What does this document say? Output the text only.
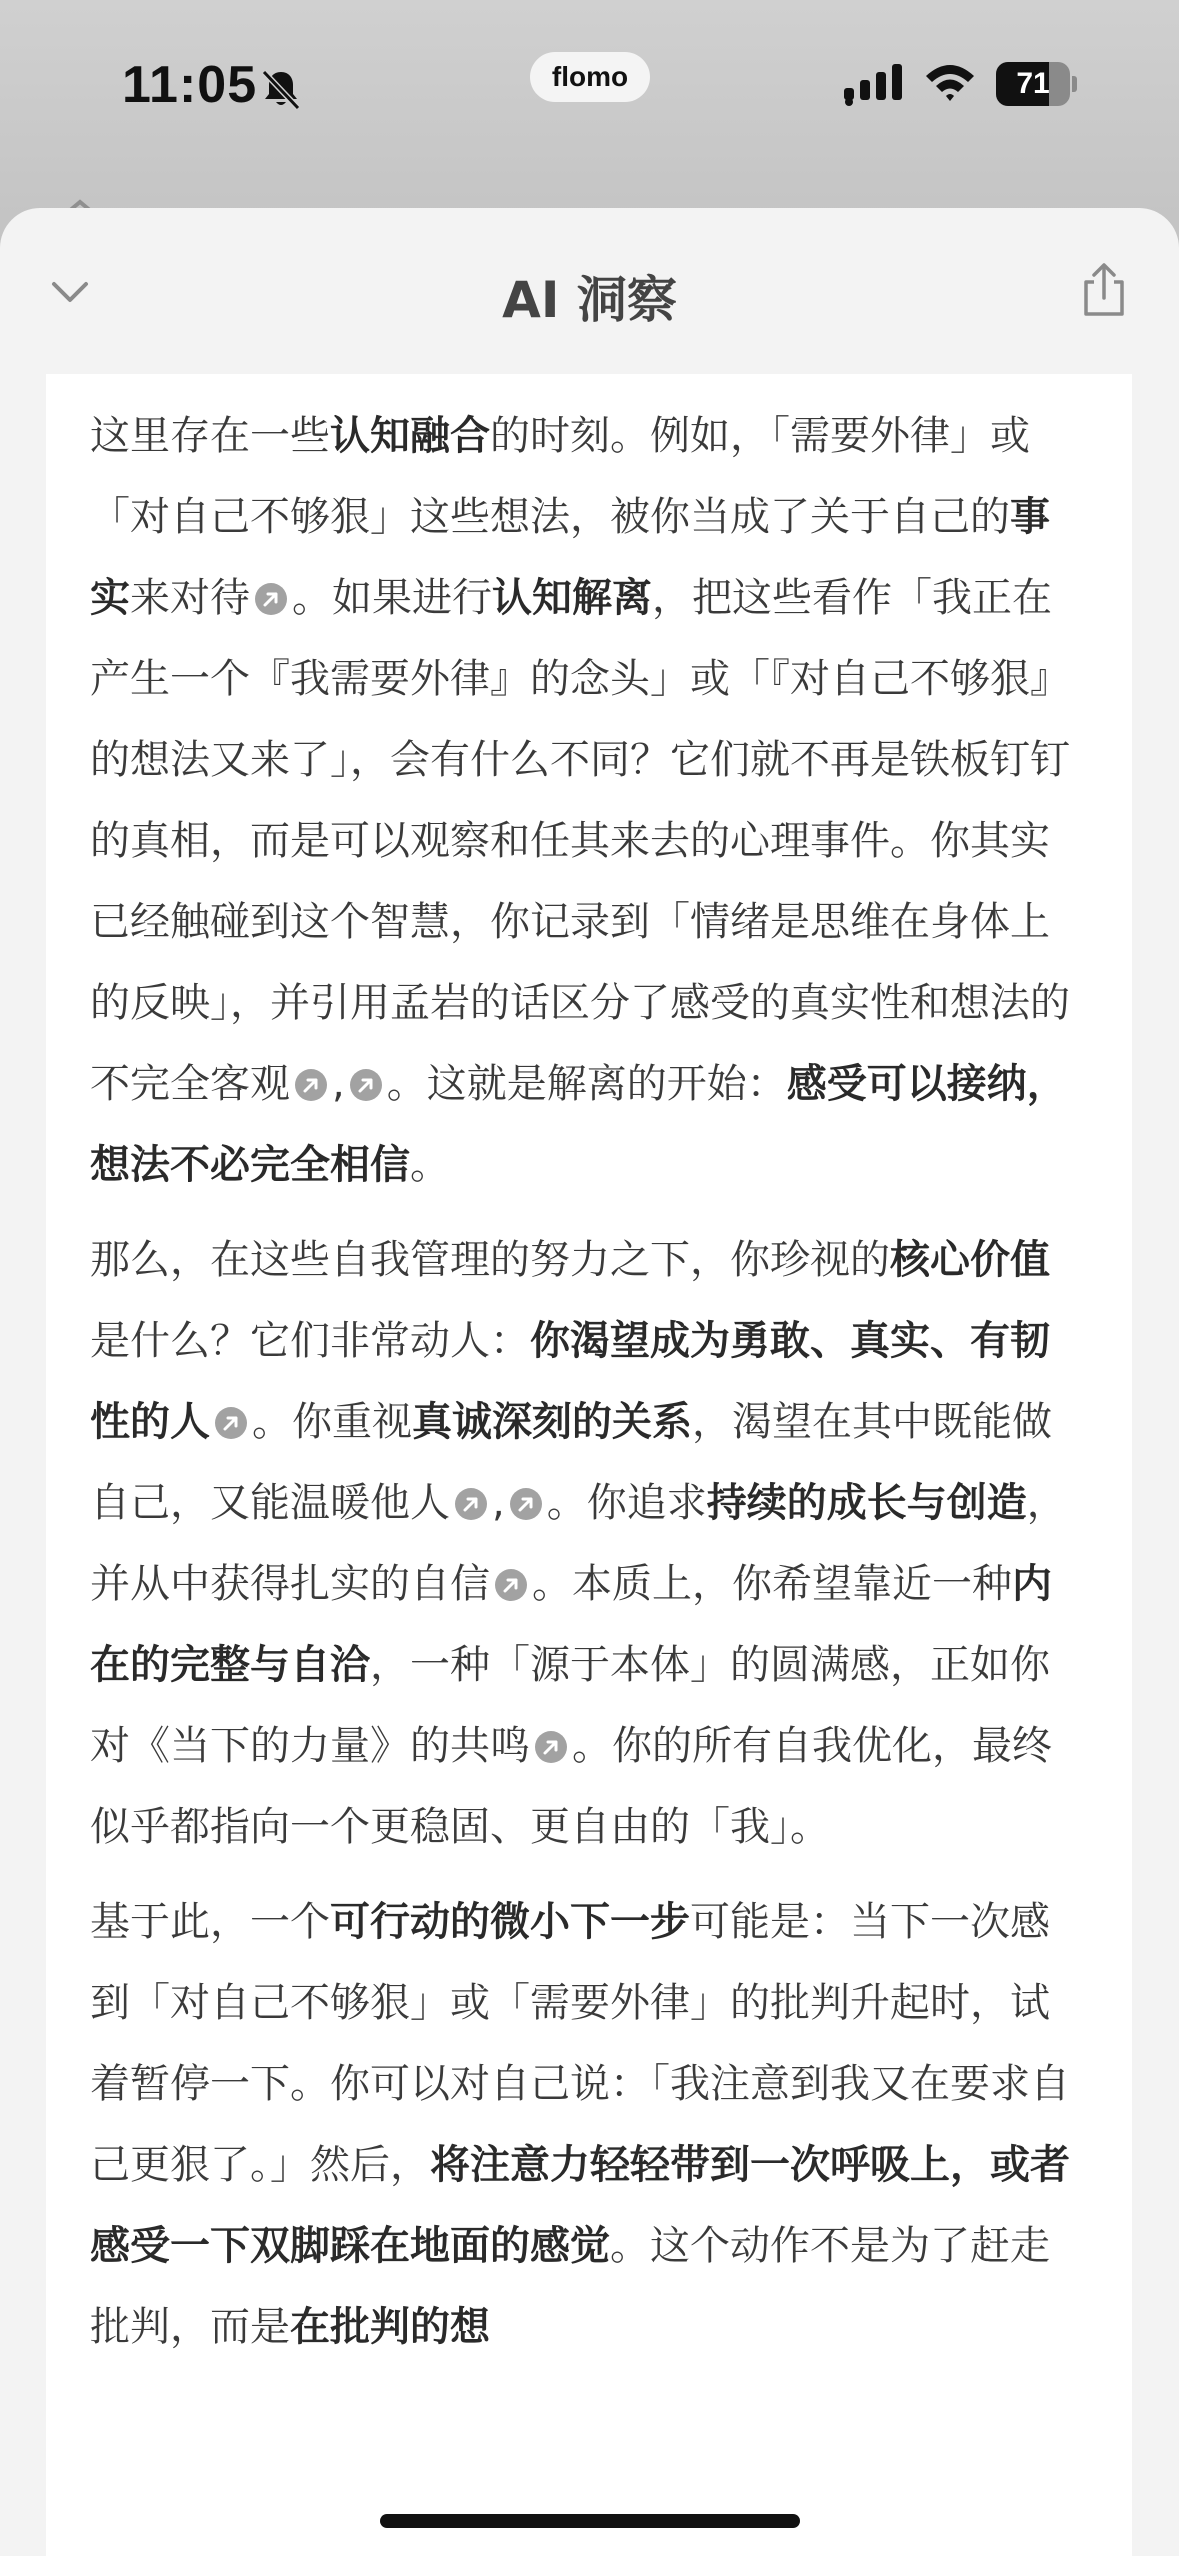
11:05	flomo	71
AI 洞察

这里存在一些认知融合的时刻。例如，「需要外律」或「对自己不够狠」这些想法，被你当成了关于自己的事实来对待 。如果进行认知解离，把这些看作「我正在产生一个『我需要外律』的念头」或「『对自己不够狠』的想法又来了」，会有什么不同？它们就不再是铁板钉钉的真相，而是可以观察和任其来去的心理事件。你其实已经触碰到这个智慧，你记录到「情绪是思维在身体上的反映」，并引用孟岩的话区分了感受的真实性和想法的不完全客观 , 。这就是解离的开始：感受可以接纳，想法不必完全相信。

那么，在这些自我管理的努力之下，你珍视的核心价值是什么？它们非常动人：你渴望成为勇敢、真实、有韧性的人 。你重视真诚深刻的关系，渴望在其中既能做自己，又能温暖他人 , 。你追求持续的成长与创造，并从中获得扎实的自信 。本质上，你希望靠近一种内在的完整与自洽，一种「源于本体」的圆满感，正如你对《当下的力量》的共鸣 。你的所有自我优化，最终似乎都指向一个更稳固、更自由的「我」。

基于此，一个可行动的微小下一步可能是：当下一次感到「对自己不够狠」或「需要外律」的批判升起时，试着暂停一下。你可以对自己说：「我注意到我又在要求自己更狠了。」然后，将注意力轻轻带到一次呼吸上，或者感受一下双脚踩在地面的感觉。这个动作不是为了赶走批判，而是在批判的想
